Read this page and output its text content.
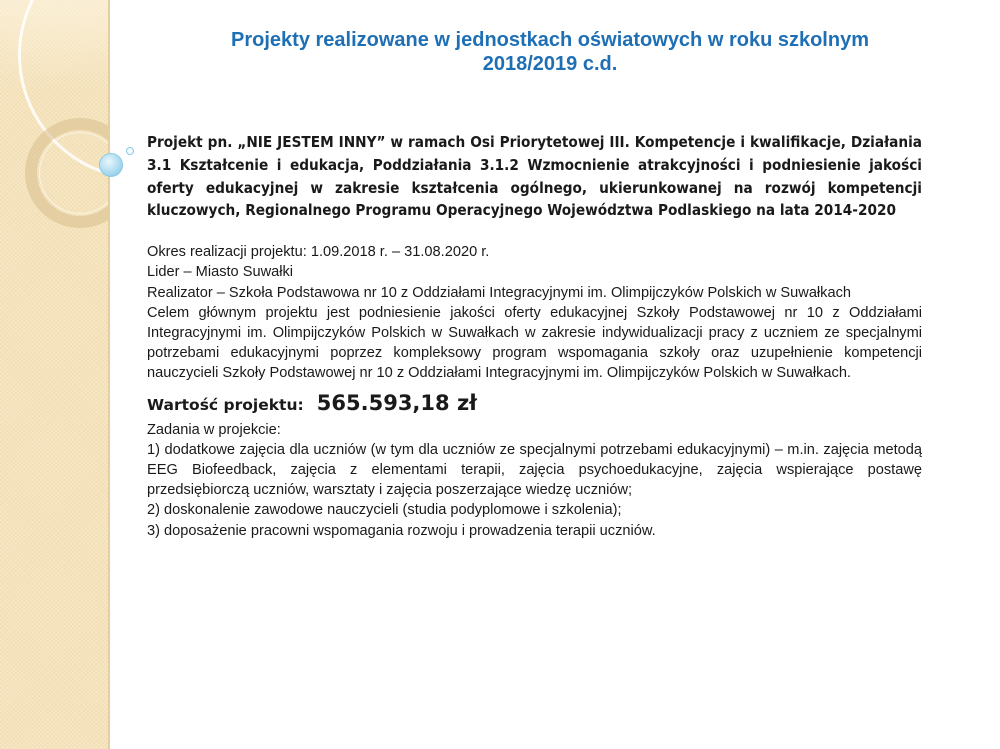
Projekty realizowane w jednostkach oświatowych w roku szkolnym
2018/2019 c.d.

Projekt pn. „NIE JESTEM INNY” w ramach Osi Priorytetowej III. Kompetencje i kwalifikacje, Działania 3.1 Kształcenie i edukacja, Poddziałania 3.1.2 Wzmocnienie atrakcyjności i podniesienie jakości oferty edukacyjnej w zakresie kształcenia ogólnego, ukierunkowanej na rozwój kompetencji kluczowych, Regionalnego Programu Operacyjnego Województwa Podlaskiego na lata 2014-2020

Okres realizacji projektu: 1.09.2018 r. – 31.08.2020 r.

Lider – Miasto Suwałki

Realizator – Szkoła Podstawowa nr 10 z Oddziałami Integracyjnymi im. Olimpijczyków Polskich w Suwałkach

Celem głównym projektu jest podniesienie jakości oferty edukacyjnej Szkoły Podstawowej nr 10 z Oddziałami Integracyjnymi im. Olimpijczyków Polskich w Suwałkach w zakresie indywidualizacji pracy z uczniem ze specjalnymi potrzebami edukacyjnymi poprzez kompleksowy program wspomagania szkoły oraz uzupełnienie kompetencji nauczycieli Szkoły Podstawowej nr 10 z Oddziałami Integracyjnymi im. Olimpijczyków Polskich w Suwałkach.

Wartość projektu: 565.593,18 zł

Zadania w projekcie:

1) dodatkowe zajęcia dla uczniów (w tym dla uczniów ze specjalnymi potrzebami edukacyjnymi) – m.in. zajęcia metodą EEG Biofeedback, zajęcia z elementami terapii, zajęcia psychoedukacyjne, zajęcia wspierające postawę przedsiębiorczą uczniów, warsztaty i zajęcia poszerzające wiedzę uczniów;

2) doskonalenie zawodowe nauczycieli (studia podyplomowe i szkolenia);

3) doposażenie pracowni wspomagania rozwoju i prowadzenia terapii uczniów.
